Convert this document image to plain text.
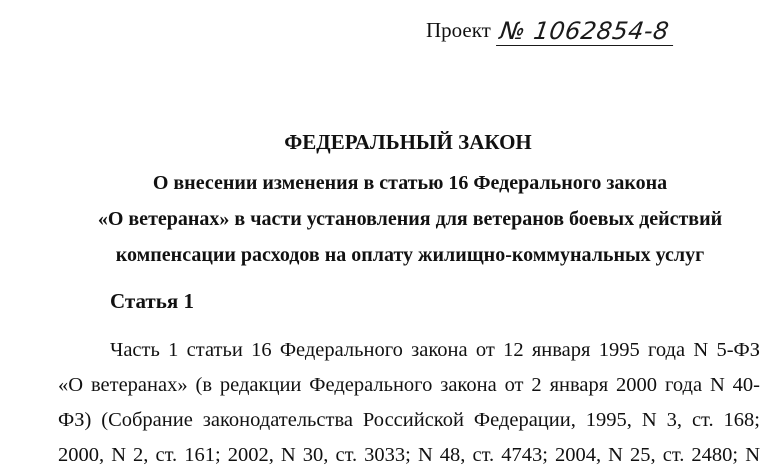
Проект № 1062854-8
ФЕДЕРАЛЬНЫЙ ЗАКОН
О внесении изменения в статью 16 Федерального закона
«О ветеранах» в части установления для ветеранов боевых действий
компенсации расходов на оплату жилищно-коммунальных услуг
Статья 1
Часть 1 статьи 16 Федерального закона от 12 января 1995 года N 5-ФЗ
«О ветеранах» (в редакции Федерального закона от 2 января 2000 года N 40-
ФЗ) (Собрание законодательства Российской Федерации, 1995, N 3, ст. 168;
2000, N 2, ст. 161; 2002, N 30, ст. 3033; N 48, ст. 4743; 2004, N 25, ст. 2480; N
